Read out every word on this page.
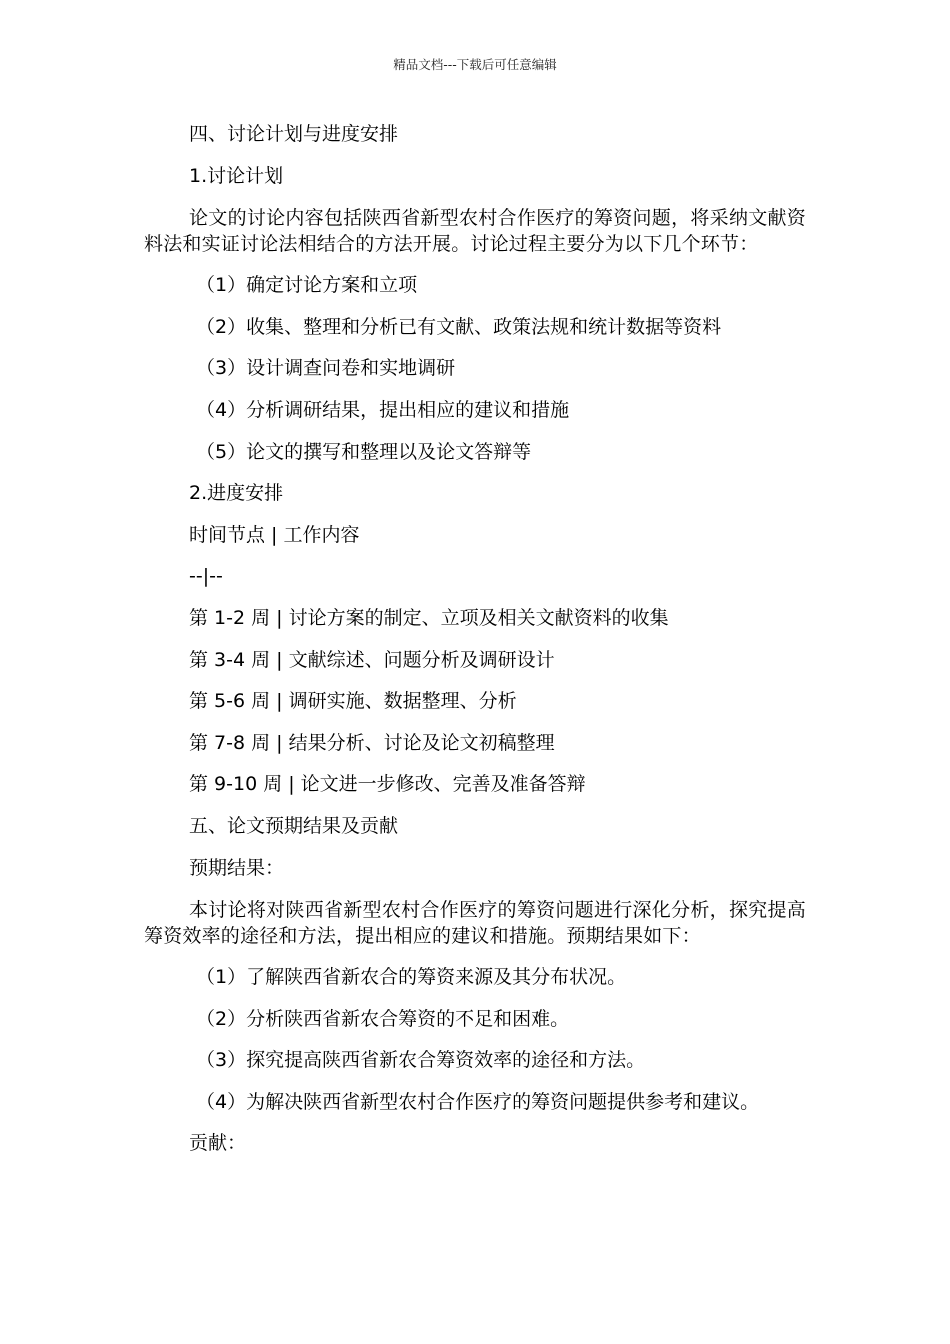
精品文档---下载后可任意编辑
四、讨论计划与进度安排
1.讨论计划
论文的讨论内容包括陕西省新型农村合作医疗的筹资问题，将采纳文献资料法和实证讨论法相结合的方法开展。讨论过程主要分为以下几个环节：
（1）确定讨论方案和立项
（2）收集、整理和分析已有文献、政策法规和统计数据等资料
（3）设计调查问卷和实地调研
（4）分析调研结果，提出相应的建议和措施
（5）论文的撰写和整理以及论文答辩等
2.进度安排
时间节点 | 工作内容
--|--
第 1-2 周 | 讨论方案的制定、立项及相关文献资料的收集
第 3-4 周 | 文献综述、问题分析及调研设计
第 5-6 周 | 调研实施、数据整理、分析
第 7-8 周 | 结果分析、讨论及论文初稿整理
第 9-10 周 | 论文进一步修改、完善及准备答辩
五、论文预期结果及贡献
预期结果：
本讨论将对陕西省新型农村合作医疗的筹资问题进行深化分析，探究提高筹资效率的途径和方法，提出相应的建议和措施。预期结果如下：
（1）了解陕西省新农合的筹资来源及其分布状况。
（2）分析陕西省新农合筹资的不足和困难。
（3）探究提高陕西省新农合筹资效率的途径和方法。
（4）为解决陕西省新型农村合作医疗的筹资问题提供参考和建议。
贡献：
